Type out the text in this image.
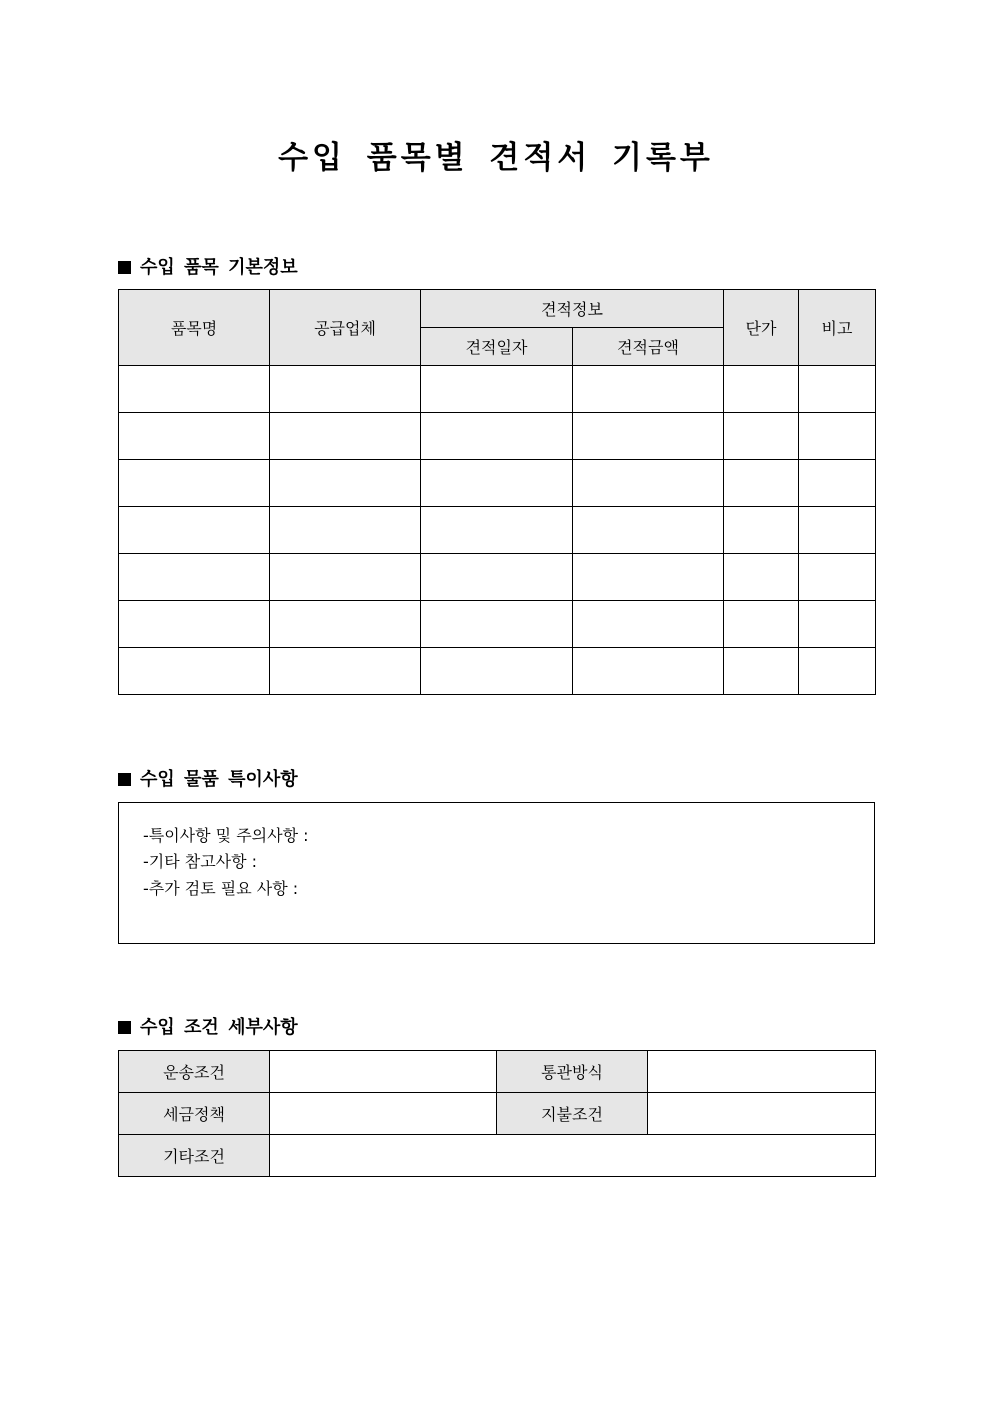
수입 품목별 견적서 기록부
수입 품목 기본정보
품목명	공급업체	견적정보		단가	비고
		견적일자	견적금액		

수입 물품 특이사항
-특이사항 및 주의사항 :
-기타 참고사항 :
-추가 검토 필요 사항 :
수입 조건 세부사항
운송조건		통관방식	
세금정책		지불조건	
기타조건			
